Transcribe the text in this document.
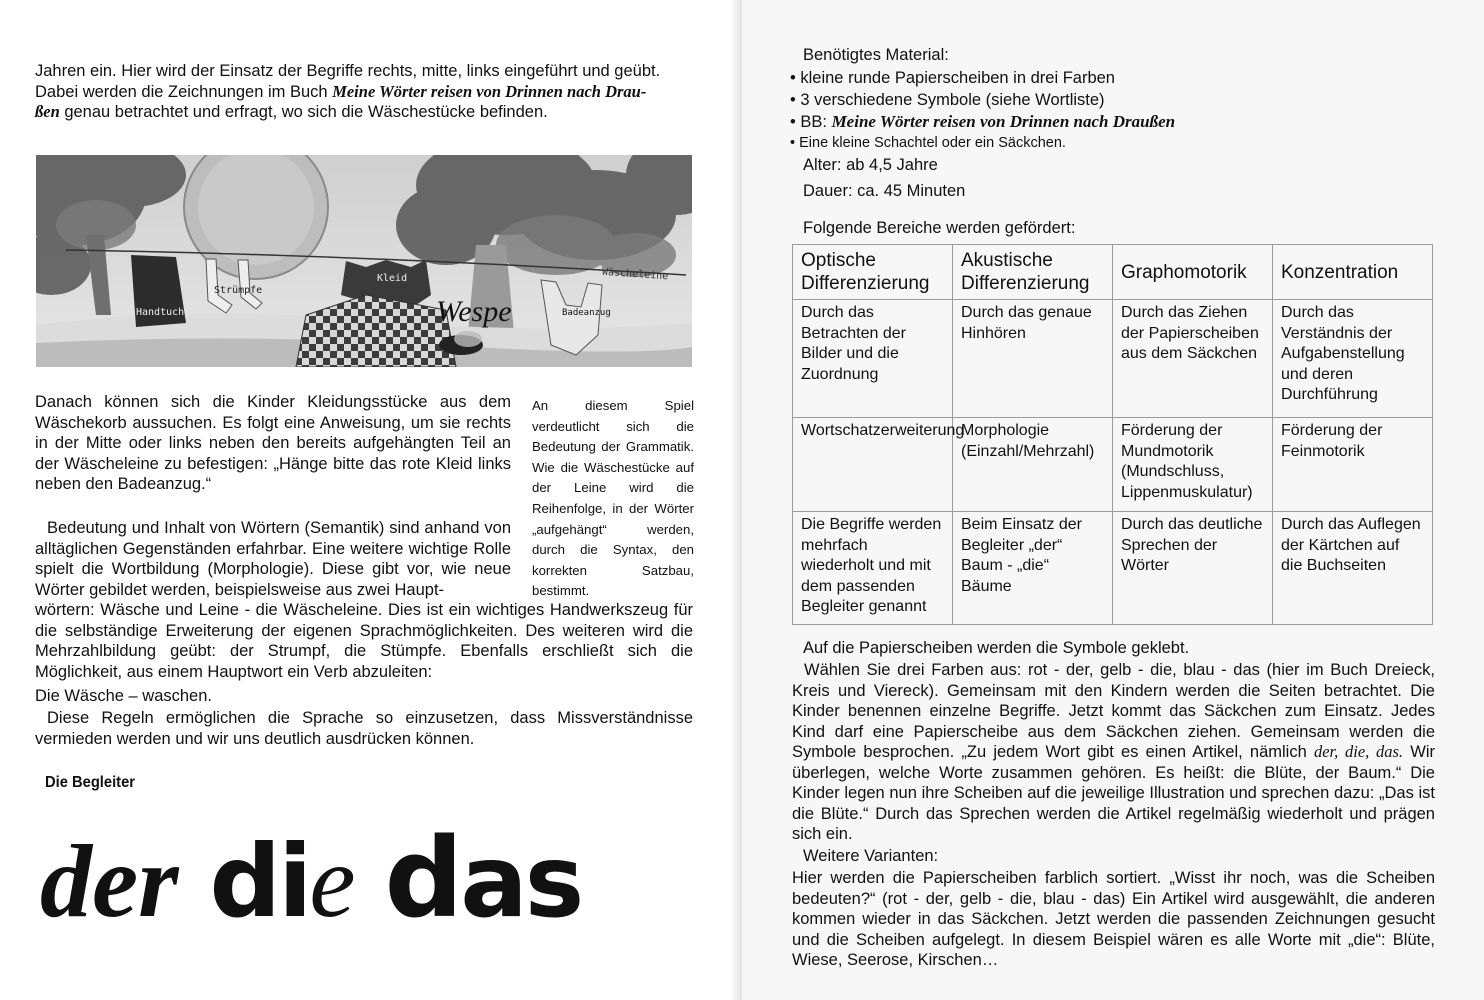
Jahren ein. Hier wird der Einsatz der Begriffe rechts, mitte, links eingeführt und geübt.

Dabei werden die Zeichnungen im Buch Meine Wörter reisen von Drinnen nach Drau-

ßen genau betrachtet und erfragt, wo sich die Wäschestücke befinden.

Handtuch
Strümpfe
Kleid	Wäscheleine
Wespe	Badeanzug

Danach können sich die Kinder Kleidungsstücke aus dem Wäschekorb aussuchen. Es folgt eine Anweisung, um sie rechts in der Mitte oder links neben den bereits aufgehängten Teil an der Wäscheleine zu befestigen: „Hänge bitte das rote Kleid links neben den Badeanzug.“

An diesem Spiel verdeutlicht sich die Bedeutung der Grammatik. Wie die Wäschestücke auf der Leine wird die Reihenfolge, in der Wörter „aufgehängt“ werden, durch die Syntax, den korrekten Satzbau, bestimmt.

Bedeutung und Inhalt von Wörtern (Semantik) sind anhand von alltäglichen Gegenständen erfahrbar. Eine weitere wichtige Rolle spielt die Wortbildung (Morphologie). Diese gibt vor, wie neue Wörter gebildet werden, beispielsweise aus zwei Haupt-

wörtern: Wäsche und Leine - die Wäscheleine. Dies ist ein wichtiges Handwerkszeug für die selbständige Erweiterung der eigenen Sprachmöglichkeiten. Des weiteren wird die Mehrzahlbildung geübt: der Strumpf, die Stümpfe. Ebenfalls erschließt sich die Möglichkeit, aus einem Hauptwort ein Verb abzuleiten:

Die Wäsche – waschen.

Diese Regeln ermöglichen die Sprache so einzusetzen, dass Missverständnisse vermieden werden und wir uns deutlich ausdrücken können.

Die Begleiter

der die das

Benötigtes Material:

• kleine runde Papierscheiben in drei Farben
• 3 verschiedene Symbole (siehe Wortliste)
• BB: Meine Wörter reisen von Drinnen nach Draußen
• Eine kleine Schachtel oder ein Säckchen.

Alter: ab 4,5 Jahre

Dauer: ca. 45 Minuten

Folgende Bereiche werden gefördert:

Optische Differenzierung	Akustische Differenzierung	Graphomotorik	Konzentration
Durch das Betrachten der Bilder und die Zuordnung	Durch das genaue Hinhören	Durch das Ziehen der Papierscheiben aus dem Säckchen	Durch das Verständnis der Aufgabenstellung und deren Durchführung
Wortschatzerweiterung	Morphologie (Einzahl/Mehrzahl)	Förderung der Mundmotorik (Mundschluss, Lippenmuskulatur)	Förderung der Feinmotorik
Die Begriffe werden mehrfach wiederholt und mit dem passenden Begleiter genannt	Beim Einsatz der Begleiter „der“ Baum - „die“ Bäume	Durch das deutliche Sprechen der Wörter	Durch das Auflegen der Kärtchen auf die Buchseiten

Auf die Papierscheiben werden die Symbole geklebt.

Wählen Sie drei Farben aus: rot - der, gelb - die, blau - das (hier im Buch Dreieck, Kreis und Viereck). Gemeinsam mit den Kindern werden die Seiten betrachtet. Die Kinder benennen einzelne Begriffe. Jetzt kommt das Säckchen zum Einsatz. Jedes Kind darf eine Papierscheibe aus dem Säckchen ziehen. Gemeinsam werden die Symbole besprochen. „Zu jedem Wort gibt es einen Artikel, nämlich der, die, das. Wir überlegen, welche Worte zusammen gehören. Es heißt: die Blüte, der Baum.“ Die Kinder legen nun ihre Scheiben auf die jeweilige Illustration und sprechen dazu: „Das ist die Blüte.“ Durch das Sprechen werden die Artikel regelmäßig wiederholt und prägen sich ein.

Weitere Varianten:

Hier werden die Papierscheiben farblich sortiert. „Wisst ihr noch, was die Scheiben bedeuten?“ (rot - der, gelb - die, blau - das) Ein Artikel wird ausgewählt, die anderen kommen wieder in das Säckchen. Jetzt werden die passenden Zeichnungen gesucht und die Scheiben aufgelegt. In diesem Beispiel wären es alle Worte mit „die“: Blüte, Wiese, Seerose, Kirschen…
